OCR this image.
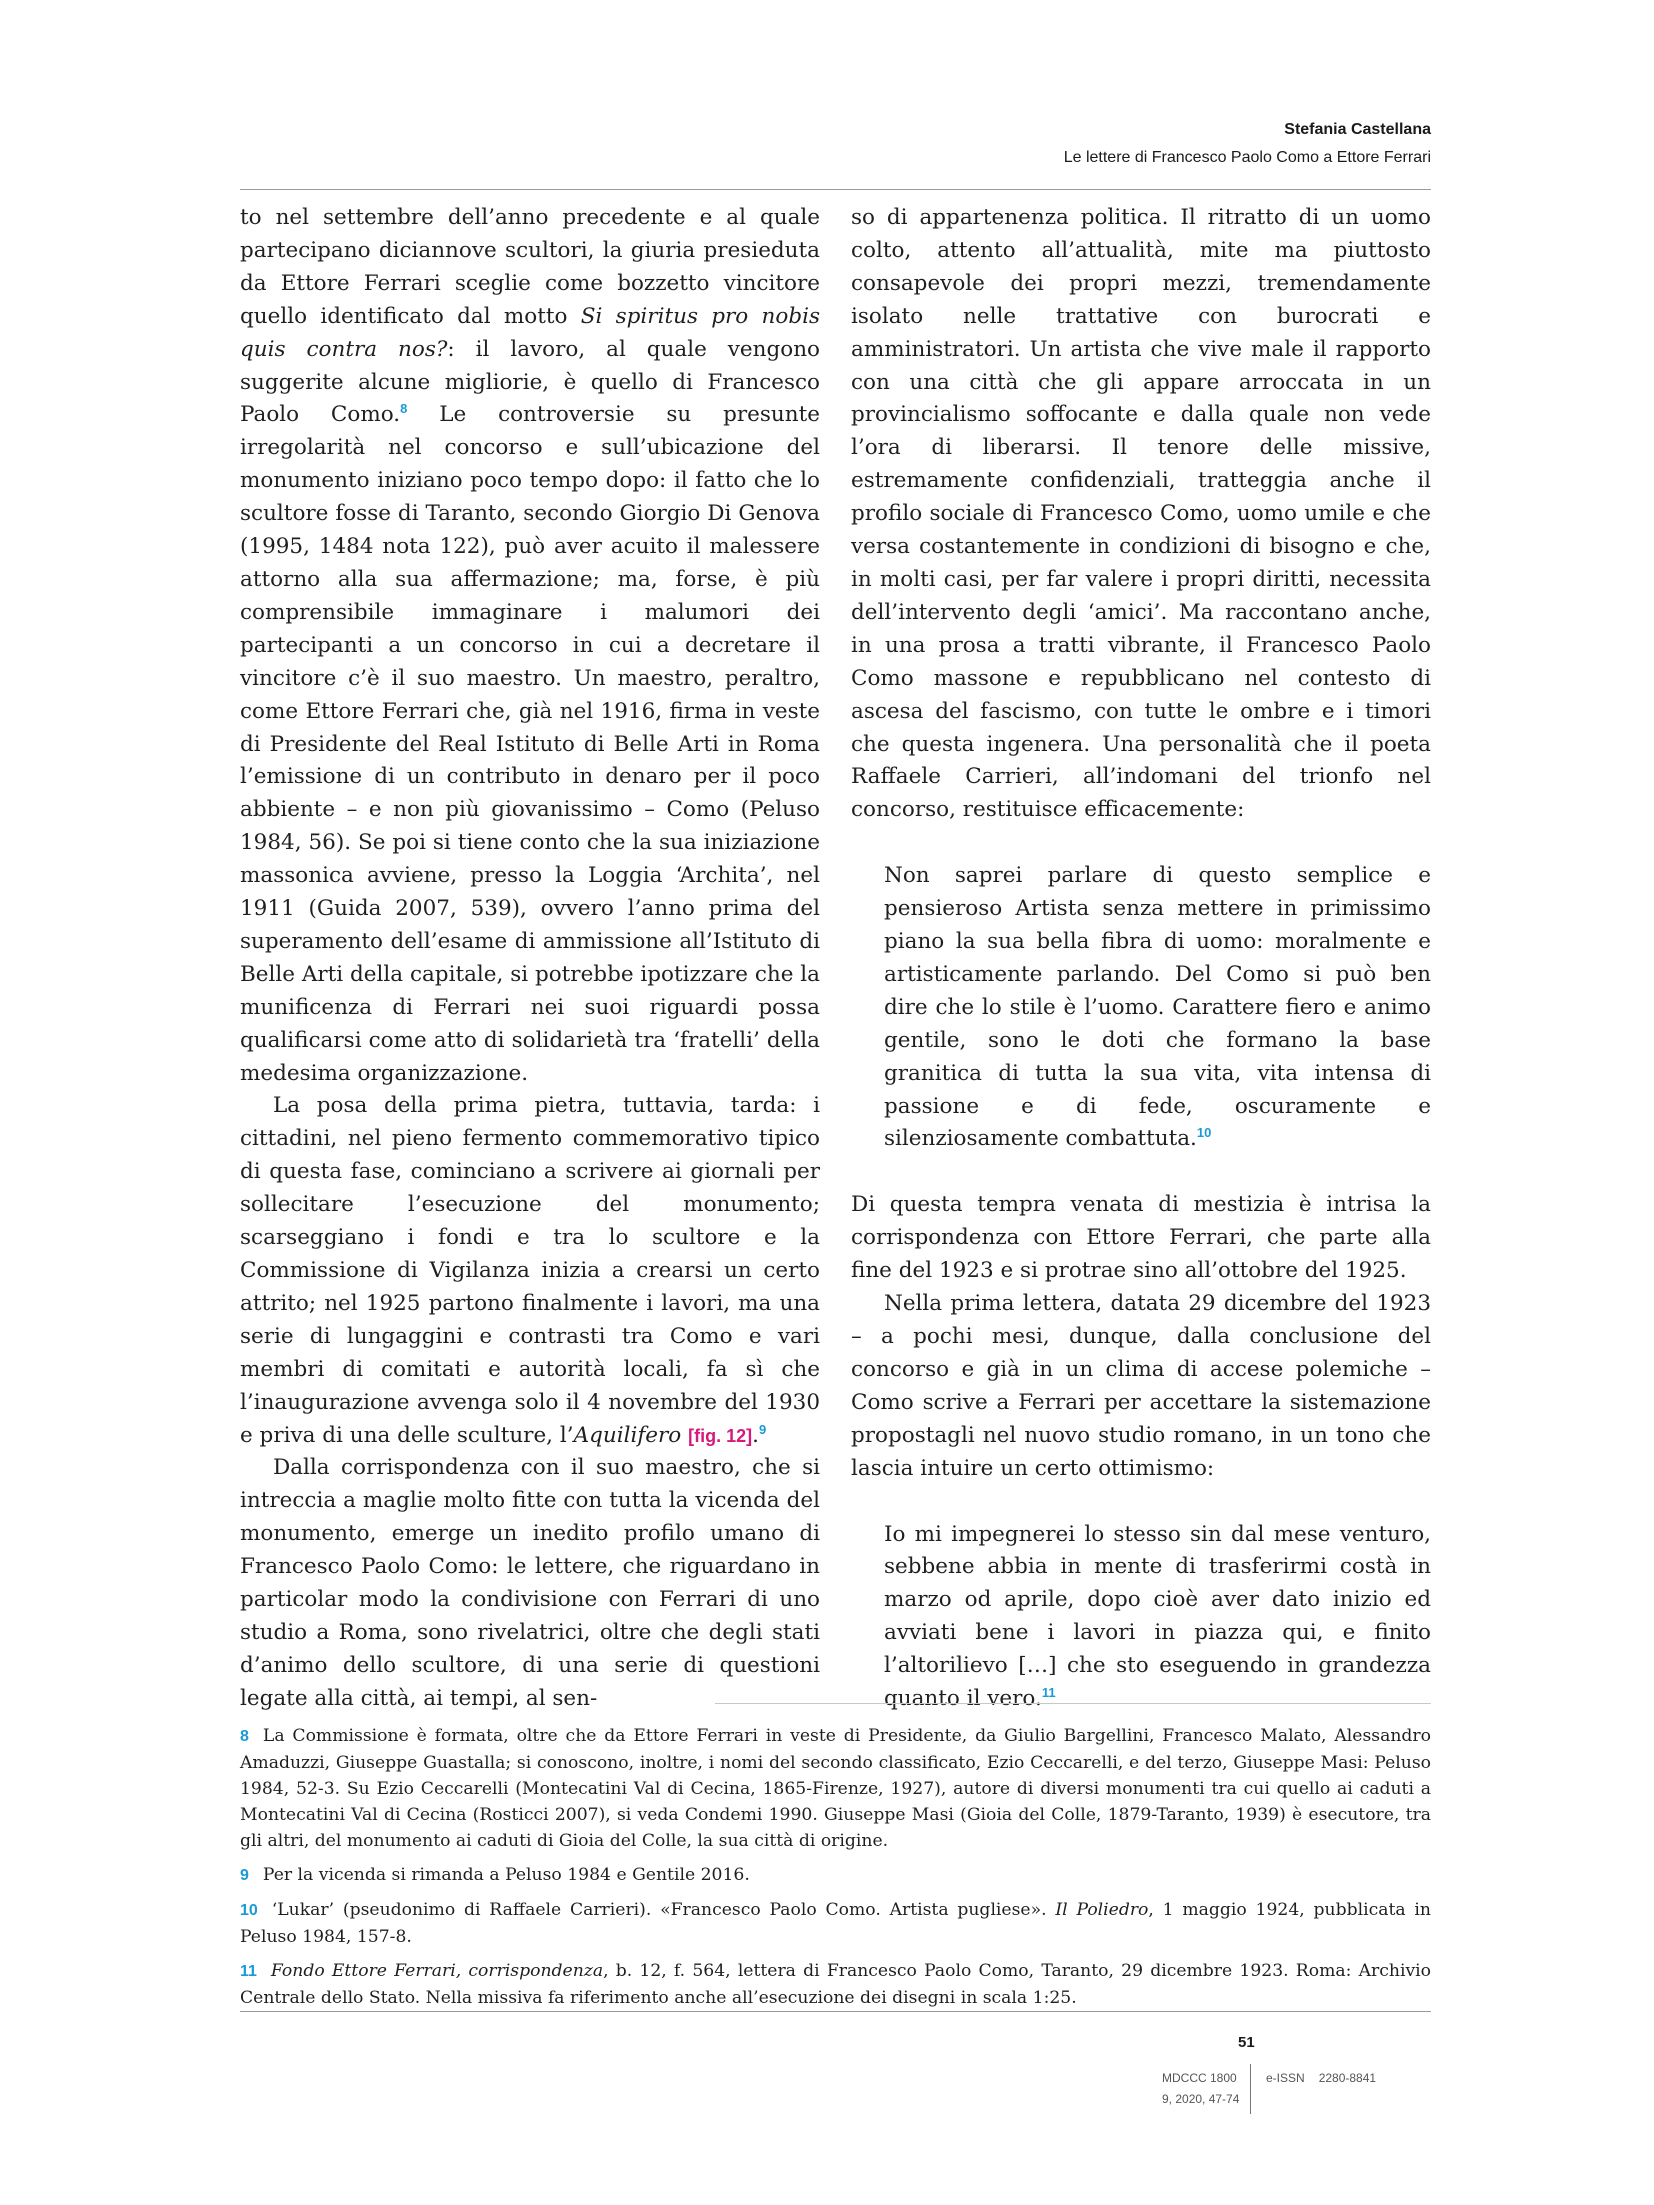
Stefania Castellana
Le lettere di Francesco Paolo Como a Ettore Ferrari

to nel settembre dell’anno precedente e al quale partecipano diciannove scultori, la giuria presieduta da Ettore Ferrari sceglie come bozzetto vincitore quello identificato dal motto Si spiritus pro nobis quis contra nos?: il lavoro, al quale vengono suggerite alcune migliorie, è quello di Francesco Paolo Como.$^8$ Le controversie su presunte irregolarità nel concorso e sull’ubicazione del monumento iniziano poco tempo dopo: il fatto che lo scultore fosse di Taranto, secondo Giorgio Di Genova (1995, 1484 nota 122), può aver acuito il malessere attorno alla sua affermazione; ma, forse, è più comprensibile immaginare i malumori dei partecipanti a un concorso in cui a decretare il vincitore c’è il suo maestro. Un maestro, peraltro, come Ettore Ferrari che, già nel 1916, firma in veste di Presidente del Real Istituto di Belle Arti in Roma l’emissione di un contributo in denaro per il poco abbiente – e non più giovanissimo – Como (Peluso 1984, 56). Se poi si tiene conto che la sua iniziazione massonica avviene, presso la Loggia ‘Archita’, nel 1911 (Guida 2007, 539), ovvero l’anno prima del superamento dell’esame di ammissione all’Istituto di Belle Arti della capitale, si potrebbe ipotizzare che la munificenza di Ferrari nei suoi riguardi possa qualificarsi come atto di solidarietà tra ‘fratelli’ della medesima organizzazione.

La posa della prima pietra, tuttavia, tarda: i cittadini, nel pieno fermento commemorativo tipico di questa fase, cominciano a scrivere ai giornali per sollecitare l’esecuzione del monumento; scarseggiano i fondi e tra lo scultore e la Commissione di Vigilanza inizia a crearsi un certo attrito; nel 1925 partono finalmente i lavori, ma una serie di lungaggini e contrasti tra Como e vari membri di comitati e autorità locali, fa sì che l’inaugurazione avvenga solo il 4 novembre del 1930 e priva di una delle sculture, l’Aquilifero [fig. 12].$^9$

Dalla corrispondenza con il suo maestro, che si intreccia a maglie molto fitte con tutta la vicenda del monumento, emerge un inedito profilo umano di Francesco Paolo Como: le lettere, che riguardano in particolar modo la condivisione con Ferrari di uno studio a Roma, sono rivelatrici, oltre che degli stati d’animo dello scultore, di una serie di questioni legate alla città, ai tempi, al sen-

so di appartenenza politica. Il ritratto di un uomo colto, attento all’attualità, mite ma piuttosto consapevole dei propri mezzi, tremendamente isolato nelle trattative con burocrati e amministratori. Un artista che vive male il rapporto con una città che gli appare arroccata in un provincialismo soffocante e dalla quale non vede l’ora di liberarsi. Il tenore delle missive, estremamente confidenziali, tratteggia anche il profilo sociale di Francesco Como, uomo umile e che versa costantemente in condizioni di bisogno e che, in molti casi, per far valere i propri diritti, necessita dell’intervento degli ‘amici’. Ma raccontano anche, in una prosa a tratti vibrante, il Francesco Paolo Como massone e repubblicano nel contesto di ascesa del fascismo, con tutte le ombre e i timori che questa ingenera. Una personalità che il poeta Raffaele Carrieri, all’indomani del trionfo nel concorso, restituisce efficacemente:

Non saprei parlare di questo semplice e pensieroso Artista senza mettere in primissimo piano la sua bella fibra di uomo: moralmente e artisticamente parlando. Del Como si può ben dire che lo stile è l’uomo. Carattere fiero e animo gentile, sono le doti che formano la base granitica di tutta la sua vita, vita intensa di passione e di fede, oscuramente e silenziosamente combattuta.$^{10}$

Di questa tempra venata di mestizia è intrisa la corrispondenza con Ettore Ferrari, che parte alla fine del 1923 e si protrae sino all’ottobre del 1925.

Nella prima lettera, datata 29 dicembre del 1923 – a pochi mesi, dunque, dalla conclusione del concorso e già in un clima di accese polemiche – Como scrive a Ferrari per accettare la sistemazione propostagli nel nuovo studio romano, in un tono che lascia intuire un certo ottimismo:

Io mi impegnerei lo stesso sin dal mese venturo, sebbene abbia in mente di trasferirmi costà in marzo od aprile, dopo cioè aver dato inizio ed avviati bene i lavori in piazza qui, e finito l’altorilievo […] che sto eseguendo in grandezza quanto il vero.$^{11}$

8 La Commissione è formata, oltre che da Ettore Ferrari in veste di Presidente, da Giulio Bargellini, Francesco Malato, Alessandro Amaduzzi, Giuseppe Guastalla; si conoscono, inoltre, i nomi del secondo classificato, Ezio Ceccarelli, e del terzo, Giuseppe Masi: Peluso 1984, 52-3. Su Ezio Ceccarelli (Montecatini Val di Cecina, 1865-Firenze, 1927), autore di diversi monumenti tra cui quello ai caduti a Montecatini Val di Cecina (Rosticci 2007), si veda Condemi 1990. Giuseppe Masi (Gioia del Colle, 1879-Taranto, 1939) è esecutore, tra gli altri, del monumento ai caduti di Gioia del Colle, la sua città di origine.

9 Per la vicenda si rimanda a Peluso 1984 e Gentile 2016.

10 ‘Lukar’ (pseudonimo di Raffaele Carrieri). «Francesco Paolo Como. Artista pugliese». Il Poliedro, 1 maggio 1924, pubblicata in Peluso 1984, 157-8.

11 Fondo Ettore Ferrari, corrispondenza, b. 12, f. 564, lettera di Francesco Paolo Como, Taranto, 29 dicembre 1923. Roma: Archivio Centrale dello Stato. Nella missiva fa riferimento anche all’esecuzione dei disegni in scala 1:25.

51
MDCCC 1800
9, 2020, 47-74
e-ISSN 2280-8841
